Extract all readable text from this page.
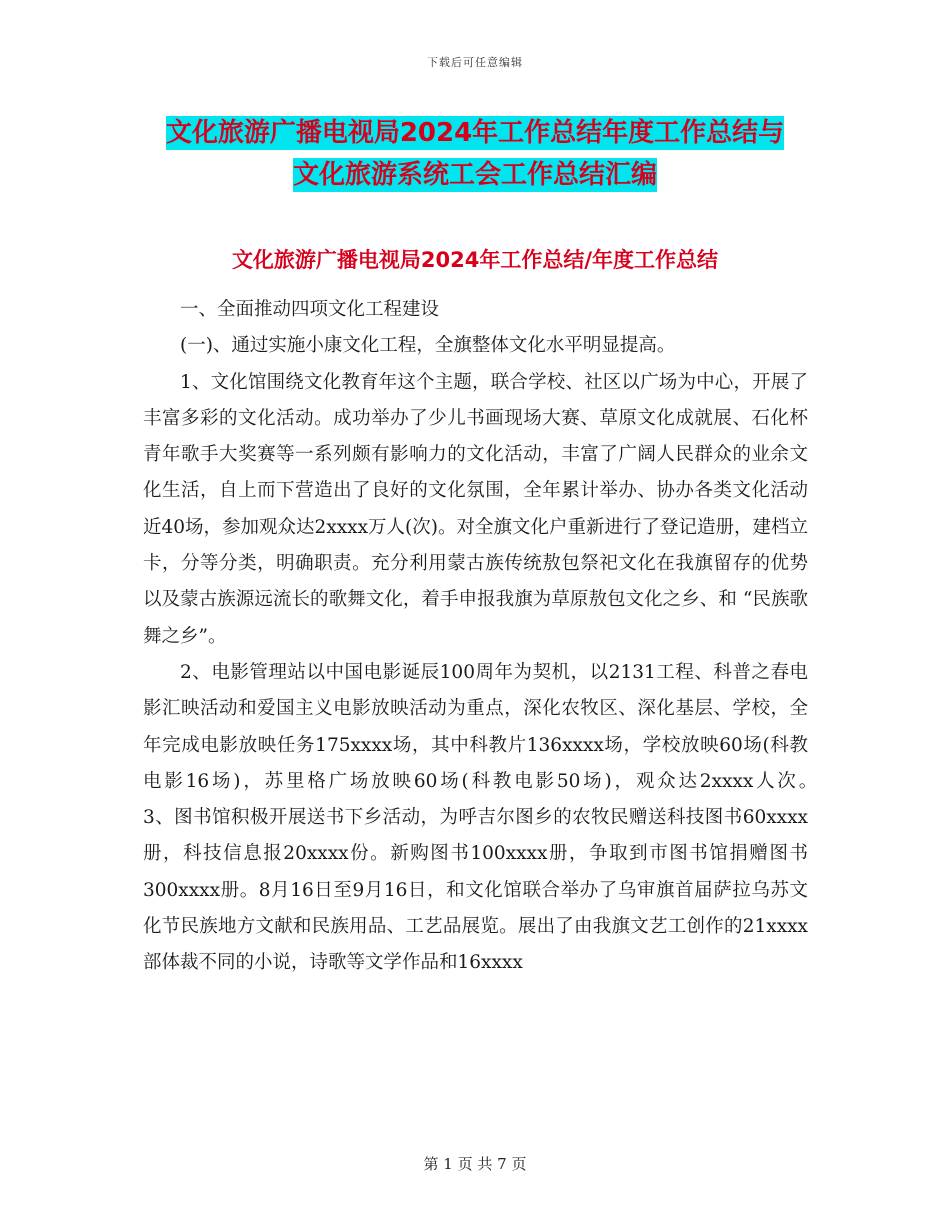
下载后可任意编辑
文化旅游广播电视局2024年工作总结年度工作总结与
文化旅游系统工会工作总结汇编
文化旅游广播电视局2024年工作总结/年度工作总结

一、全面推动四项文化工程建设

(一)、通过实施小康文化工程，全旗整体文化水平明显提高。

1、文化馆围绕文化教育年这个主题，联合学校、社区以广场为中心，开展了丰富多彩的文化活动。成功举办了少儿书画现场大赛、草原文化成就展、石化杯青年歌手大奖赛等一系列颇有影响力的文化活动，丰富了广阔人民群众的业余文化生活，自上而下营造出了良好的文化氛围，全年累计举办、协办各类文化活动近40场，参加观众达2xxxx万人(次)。对全旗文化户重新进行了登记造册，建档立卡，分等分类，明确职责。充分利用蒙古族传统敖包祭祀文化在我旗留存的优势以及蒙古族源远流长的歌舞文化，着手申报我旗为草原敖包文化之乡、和 “民族歌舞之乡”。

2、电影管理站以中国电影诞辰100周年为契机，以2131工程、科普之春电影汇映活动和爱国主义电影放映活动为重点，深化农牧区、深化基层、学校，全年完成电影放映任务175xxxx场，其中科教片136xxxx场，学校放映60场(科教电影16场)，苏里格广场放映60场(科教电影50场)，观众达2xxxx人次。　　　　3、图书馆积极开展送书下乡活动，为呼吉尔图乡的农牧民赠送科技图书60xxxx册，科技信息报20xxxx份。新购图书100xxxx册，争取到市图书馆捐赠图书300xxxx册。8月16日至9月16日，和文化馆联合举办了乌审旗首届萨拉乌苏文化节民族地方文献和民族用品、工艺品展览。展出了由我旗文艺工创作的21xxxx部体裁不同的小说，诗歌等文学作品和16xxxx

第 1 页 共 7 页
